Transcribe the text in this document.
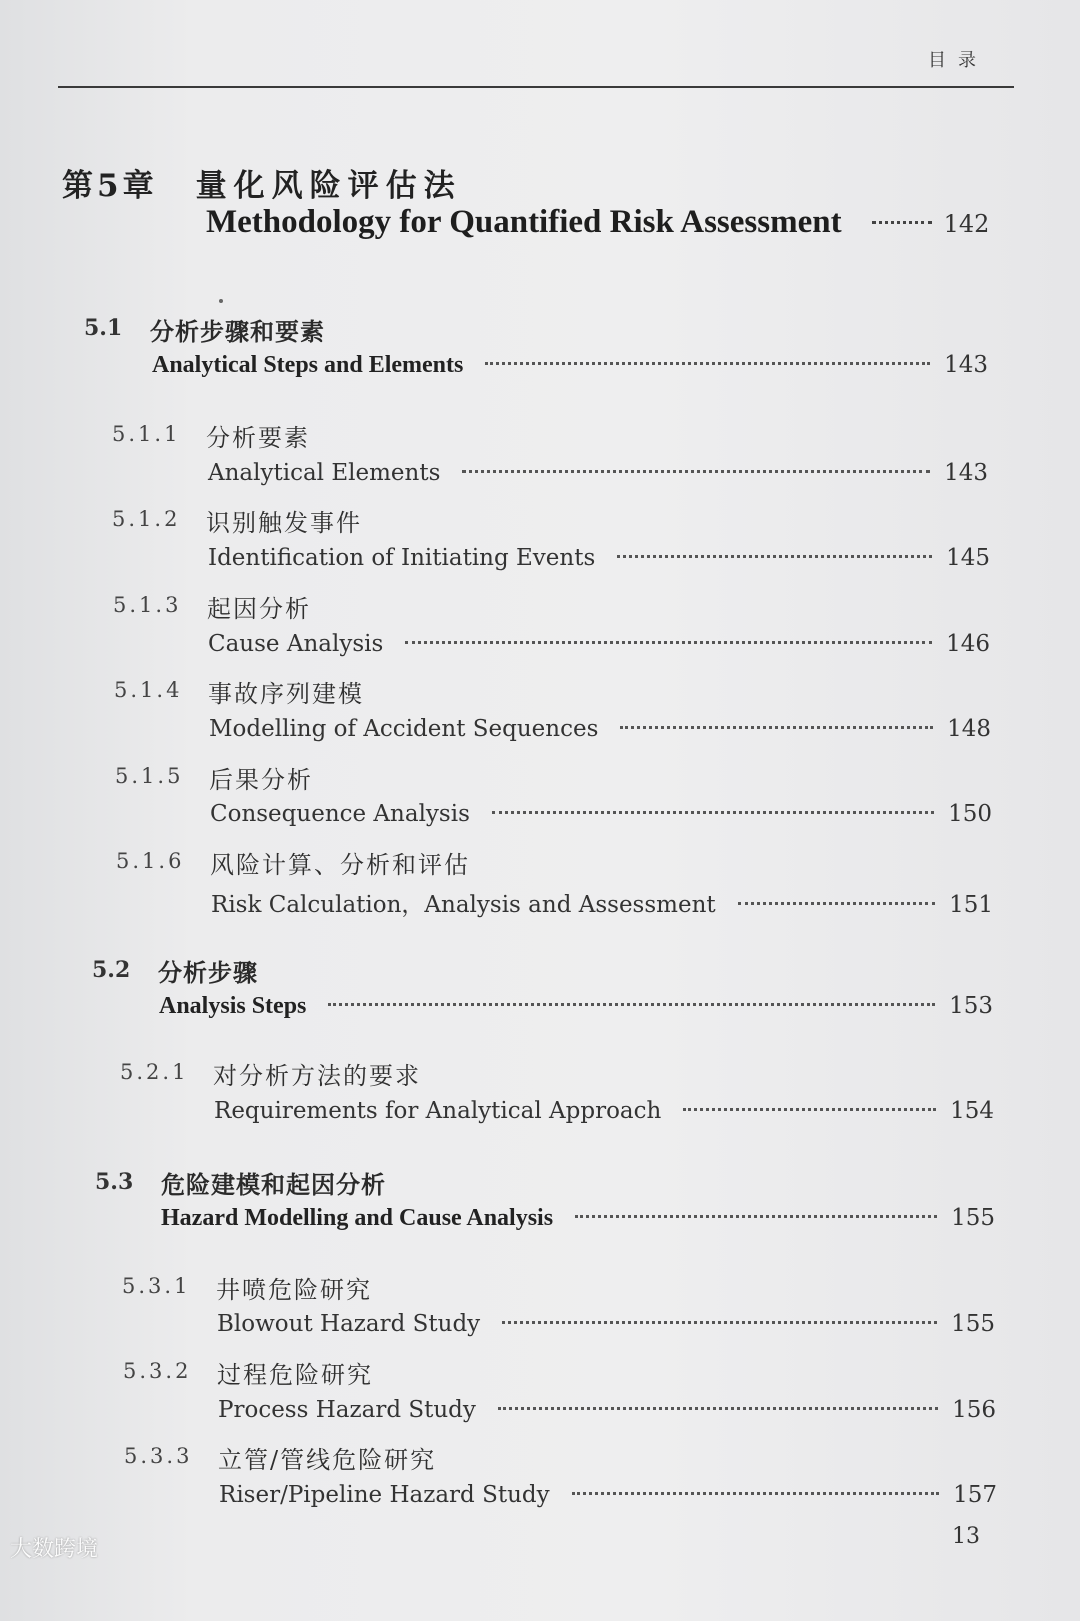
目录
第5章 量化风险评估法
Methodology for Quantified Risk Assessment	142
5.1 分析步骤和要素
Analytical Steps and Elements	143
5.1.1 分析要素
Analytical Elements	143
5.1.2 识别触发事件
Identification of Initiating Events	145
5.1.3 起因分析
Cause Analysis	146
5.1.4 事故序列建模
Modelling of Accident Sequences	148
5.1.5 后果分析
Consequence Analysis	150
5.1.6 风险计算、分析和评估
Risk Calculation，Analysis and Assessment	151
5.2 分析步骤
Analysis Steps	153
5.2.1 对分析方法的要求
Requirements for Analytical Approach	154
5.3 危险建模和起因分析
Hazard Modelling and Cause Analysis	155
5.3.1 井喷危险研究
Blowout Hazard Study	155
5.3.2 过程危险研究
Process Hazard Study	156
5.3.3 立管/管线危险研究
Riser/Pipeline Hazard Study	157
13
大数跨境
